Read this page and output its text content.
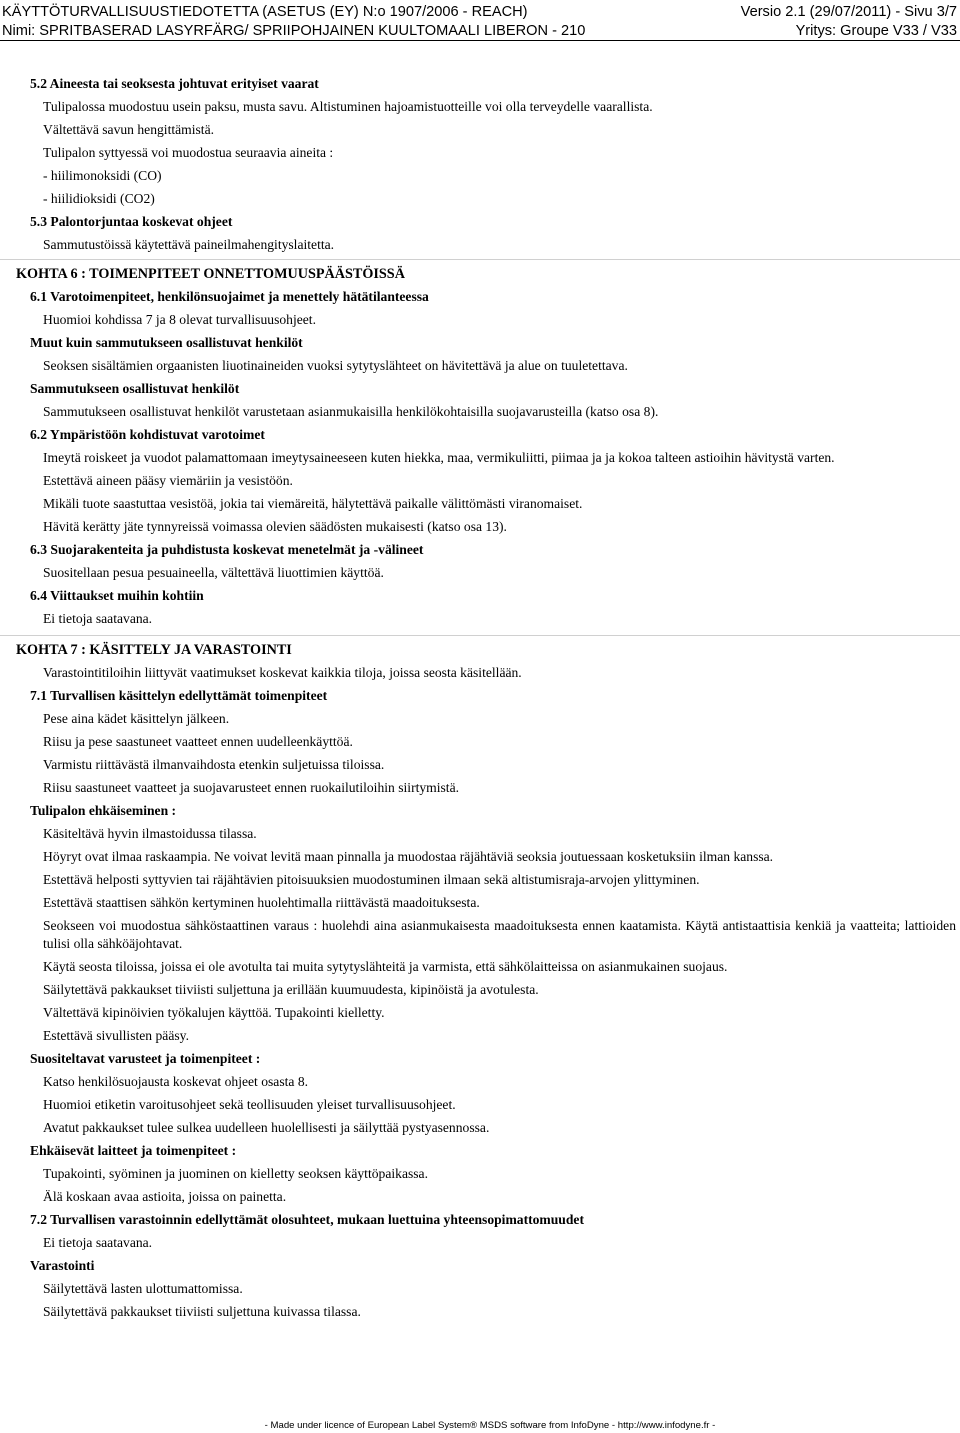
KÄYTTÖTURVALLISUUSTIEDOTETTA (ASETUS (EY) N:o 1907/2006 - REACH)	Versio 2.1 (29/07/2011) - Sivu 3/7
Nimi: SPRITBASERAD LASYRFÄRG/ SPRIIPOHJAINEN KUULTOMAALI LIBERON - 210	Yritys: Groupe V33 / V33
5.2 Aineesta tai seoksesta johtuvat erityiset vaarat
Tulipalossa muodostuu usein paksu, musta savu. Altistuminen hajoamistuotteille voi olla terveydelle vaarallista.
Vältettävä savun hengittämistä.
Tulipalon syttyessä voi muodostua seuraavia aineita :
- hiilimonoksidi (CO)
- hiilidioksidi (CO2)
5.3 Palontorjuntaa koskevat ohjeet
Sammutustöissä käytettävä paineilmahengityslaitetta.
KOHTA 6 : TOIMENPITEET ONNETTOMUUSPÄÄSTÖISSÄ
6.1 Varotoimenpiteet, henkilönsuojaimet ja menettely hätätilanteessa
Huomioi kohdissa 7 ja 8 olevat turvallisuusohjeet.
Muut kuin sammutukseen osallistuvat henkilöt
Seoksen sisältämien orgaanisten liuotinaineiden vuoksi sytytyslähteet on hävitettävä ja alue on tuuletettava.
Sammutukseen osallistuvat henkilöt
Sammutukseen osallistuvat henkilöt varustetaan asianmukaisilla henkilökohtaisilla suojavarusteilla (katso osa 8).
6.2 Ympäristöön kohdistuvat varotoimet
Imeytä roiskeet ja vuodot palamattomaan imeytysaineeseen kuten hiekka, maa, vermikuliitti, piimaa ja ja kokoa talteen astioihin hävitystä varten.
Estettävä aineen pääsy viemäriin ja vesistöön.
Mikäli tuote saastuttaa vesistöä, jokia tai viemäreitä, hälytettävä paikalle välittömästi viranomaiset.
Hävitä kerätty jäte tynnyreissä voimassa olevien säädösten mukaisesti (katso osa 13).
6.3 Suojarakenteita ja puhdistusta koskevat menetelmät ja -välineet
Suositellaan pesua pesuaineella, vältettävä liuottimien käyttöä.
6.4 Viittaukset muihin kohtiin
Ei tietoja saatavana.
KOHTA 7 : KÄSITTELY JA VARASTOINTI
Varastointitiloihin liittyvät vaatimukset koskevat kaikkia tiloja, joissa seosta käsitellään.
7.1 Turvallisen käsittelyn edellyttämät toimenpiteet
Pese aina kädet käsittelyn jälkeen.
Riisu ja pese saastuneet vaatteet ennen uudelleenkäyttöä.
Varmistu riittävästä ilmanvaihdosta etenkin suljetuissa tiloissa.
Riisu saastuneet vaatteet ja suojavarusteet ennen ruokailutiloihin siirtymistä.
Tulipalon ehkäiseminen :
Käsiteltävä hyvin ilmastoidussa tilassa.
Höyryt ovat ilmaa raskaampia. Ne voivat levitä maan pinnalla ja muodostaa räjähtäviä seoksia joutuessaan kosketuksiin ilman kanssa.
Estettävä helposti syttyvien tai räjähtävien pitoisuuksien muodostuminen ilmaan sekä altistumisraja-arvojen ylittyminen.
Estettävä staattisen sähkön kertyminen huolehtimalla riittävästä maadoituksesta.
Seokseen voi muodostua sähköstaattinen varaus : huolehdi aina asianmukaisesta maadoituksesta ennen kaatamista. Käytä antistaattisia kenkiä ja vaatteita; lattioiden tulisi olla sähköäjohtavat.
Käytä seosta tiloissa, joissa ei ole avotulta tai muita sytytyslähteitä ja varmista, että sähkölaitteissa on asianmukainen suojaus.
Säilytettävä pakkaukset tiiviisti suljettuna ja erillään kuumuudesta, kipinöistä ja avotulesta.
Vältettävä kipinöivien työkalujen käyttöä. Tupakointi kielletty.
Estettävä sivullisten pääsy.
Suositeltavat varusteet ja toimenpiteet :
Katso henkilösuojausta koskevat ohjeet osasta 8.
Huomioi etiketin varoitusohjeet sekä teollisuuden yleiset turvallisuusohjeet.
Avatut pakkaukset tulee sulkea uudelleen huolellisesti ja säilyttää pystyasennossa.
Ehkäisevät laitteet ja toimenpiteet :
Tupakointi, syöminen ja juominen on kielletty seoksen käyttöpaikassa.
Älä koskaan avaa astioita, joissa on painetta.
7.2 Turvallisen varastoinnin edellyttämät olosuhteet, mukaan luettuina yhteensopimattomuudet
Ei tietoja saatavana.
Varastointi
Säilytettävä lasten ulottumattomissa.
Säilytettävä pakkaukset tiiviisti suljettuna kuivassa tilassa.
- Made under licence of European Label System® MSDS software from InfoDyne - http://www.infodyne.fr -
